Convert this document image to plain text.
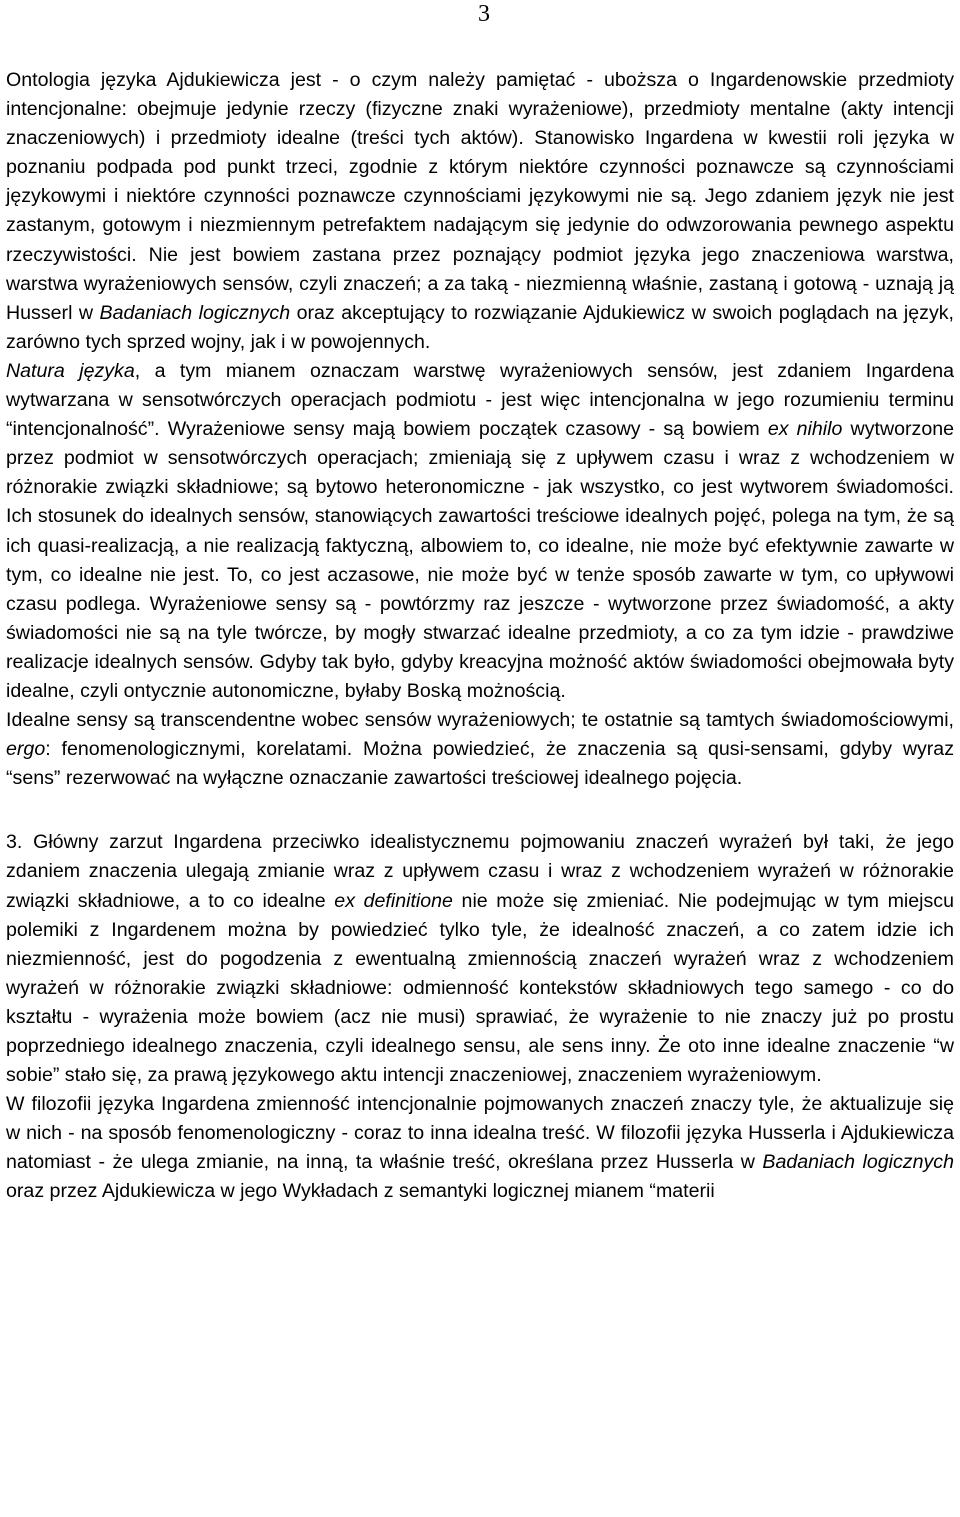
3

Ontologia języka Ajdukiewicza jest - o czym należy pamiętać - uboższa o Ingardenowskie przedmioty intencjonalne: obejmuje jedynie rzeczy (fizyczne znaki wyrażeniowe), przedmioty mentalne (akty intencji znaczeniowych) i przedmioty idealne (treści tych aktów). Stanowisko Ingardena w kwestii roli języka w poznaniu podpada pod punkt trzeci, zgodnie z którym niektóre czynności poznawcze są czynnościami językowymi i niektóre czynności poznawcze czynnościami językowymi nie są. Jego zdaniem język nie jest zastanym, gotowym i niezmiennym petrefaktem nadającym się jedynie do odwzorowania pewnego aspektu rzeczywistości. Nie jest bowiem zastana przez poznający podmiot języka jego znaczeniowa warstwa, warstwa wyrażeniowych sensów, czyli znaczeń; a za taką - niezmienną właśnie, zastaną i gotową - uznają ją Husserl w Badaniach logicznych oraz akceptujący to rozwiązanie Ajdukiewicz w swoich poglądach na język, zarówno tych sprzed wojny, jak i w powojennych.

Natura języka, a tym mianem oznaczam warstwę wyrażeniowych sensów, jest zdaniem Ingardena wytwarzana w sensotwórczych operacjach podmiotu - jest więc intencjonalna w jego rozumieniu terminu “intencjonalność”. Wyrażeniowe sensy mają bowiem początek czasowy - są bowiem ex nihilo wytworzone przez podmiot w sensotwórczych operacjach; zmieniają się z upływem czasu i wraz z wchodzeniem w różnorakie związki składniowe; są bytowo heteronomiczne - jak wszystko, co jest wytworem świadomości. Ich stosunek do idealnych sensów, stanowiących zawartości treściowe idealnych pojęć, polega na tym, że są ich quasi-realizacją, a nie realizacją faktyczną, albowiem to, co idealne, nie może być efektywnie zawarte w tym, co idealne nie jest. To, co jest aczasowe, nie może być w tenże sposób zawarte w tym, co upływowi czasu podlega. Wyrażeniowe sensy są - powtórzmy raz jeszcze - wytworzone przez świadomość, a akty świadomości nie są na tyle twórcze, by mogły stwarzać idealne przedmioty, a co za tym idzie - prawdziwe realizacje idealnych sensów. Gdyby tak było, gdyby kreacyjna możność aktów świadomości obejmowała byty idealne, czyli ontycznie autonomiczne, byłaby Boską możnością.

Idealne sensy są transcendentne wobec sensów wyrażeniowych; te ostatnie są tamtych świadomościowymi, ergo: fenomenologicznymi, korelatami. Można powiedzieć, że znaczenia są qusi-sensami, gdyby wyraz “sens” rezerwować na wyłączne oznaczanie zawartości treściowej idealnego pojęcia.

3. Główny zarzut Ingardena przeciwko idealistycznemu pojmowaniu znaczeń wyrażeń był taki, że jego zdaniem znaczenia ulegają zmianie wraz z upływem czasu i wraz z wchodzeniem wyrażeń w różnorakie związki składniowe, a to co idealne ex definitione nie może się zmieniać. Nie podejmując w tym miejscu polemiki z Ingardenem można by powiedzieć tylko tyle, że idealność znaczeń, a co zatem idzie ich niezmienność, jest do pogodzenia z ewentualną zmiennością znaczeń wyrażeń wraz z wchodzeniem wyrażeń w różnorakie związki składniowe: odmienność kontekstów składniowych tego samego - co do kształtu - wyrażenia może bowiem (acz nie musi) sprawiać, że wyrażenie to nie znaczy już po prostu poprzedniego idealnego znaczenia, czyli idealnego sensu, ale sens inny. Że oto inne idealne znaczenie “w sobie” stało się, za prawą językowego aktu intencji znaczeniowej, znaczeniem wyrażeniowym.

W filozofii języka Ingardena zmienność intencjonalnie pojmowanych znaczeń znaczy tyle, że aktualizuje się w nich - na sposób fenomenologiczny - coraz to inna idealna treść. W filozofii języka Husserla i Ajdukiewicza natomiast - że ulega zmianie, na inną, ta właśnie treść, określana przez Husserla w Badaniach logicznych oraz przez Ajdukiewicza w jego Wykładach z semantyki logicznej mianem “materii
